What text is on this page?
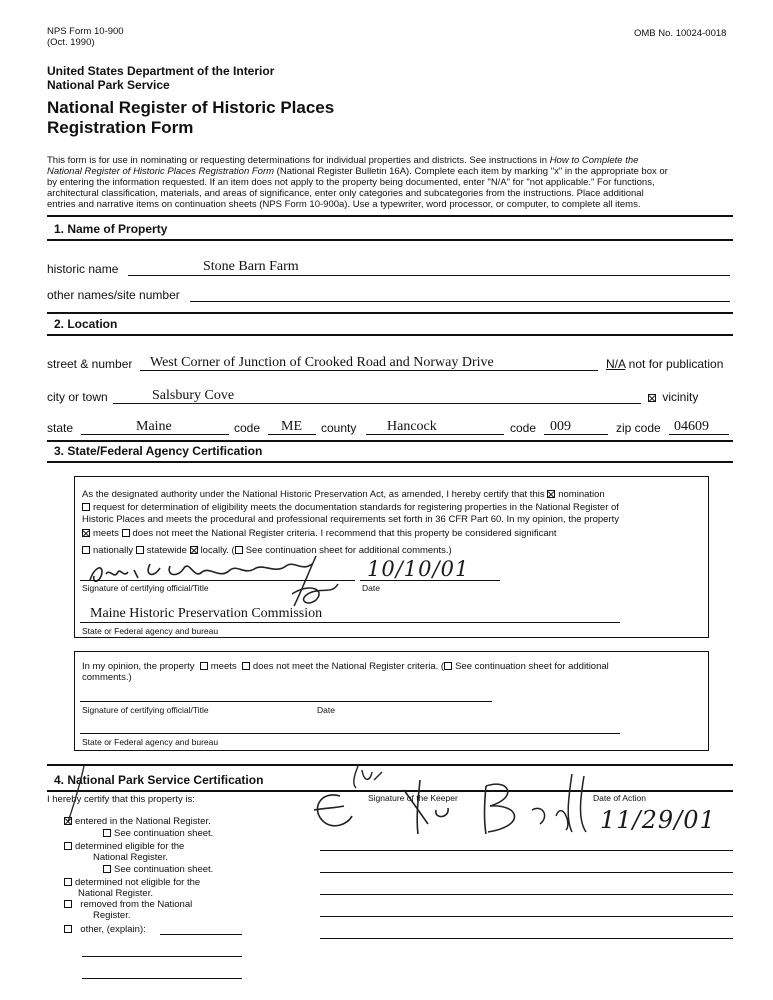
NPS Form 10-900
(Oct. 1990)
OMB No. 10024-0018
United States Department of the Interior
National Park Service
National Register of Historic Places
Registration Form
This form is for use in nominating or requesting determinations for individual properties and districts. See instructions in How to Complete the
National Register of Historic Places Registration Form (National Register Bulletin 16A). Complete each item by marking "x" in the appropriate box or
by entering the information requested. If an item does not apply to the property being documented, enter "N/A" for "not applicable." For functions,
architectural classification, materials, and areas of significance, enter only categories and subcategories from the instructions. Place additional
entries and narrative items on continuation sheets (NPS Form 10-900a). Use a typewriter, word processor, or computer, to complete all items.
1. Name of Property
historic name	Stone Barn Farm
other names/site number
2. Location
street & number West Corner of Junction of Crooked Road and Norway Drive	N/A not for publication
city or town	Salsbury Cove	vicinity
state	Maine	code ME county Hancock	code 009	zip code 04609
3. State/Federal Agency Certification
As the designated authority under the National Historic Preservation Act, as amended, I hereby certify that this nomination
request for determination of eligibility meets the documentation standards for registering properties in the National Register of
Historic Places and meets the procedural and professional requirements set forth in 36 CFR Part 60. In my opinion, the property
meets does not meet the National Register criteria. I recommend that this property be considered significant
nationally statewide locally. ( See continuation sheet for additional comments.)
10/10/01
Signature of certifying official/Title	Date
Maine Historic Preservation Commission
State or Federal agency and bureau
In my opinion, the property meets does not meet the National Register criteria. ( See continuation sheet for additional
comments.)
Signature of certifying official/Title	Date
State or Federal agency and bureau
4. National Park Service Certification
I hereby certify that this property is:	Signature of the Keeper	Date of Action
11/29/01
entered in the National Register.
See continuation sheet.
determined eligible for the
National Register.
See continuation sheet.
determined not eligible for the
National Register.
removed from the National
Register.
other, (explain):
